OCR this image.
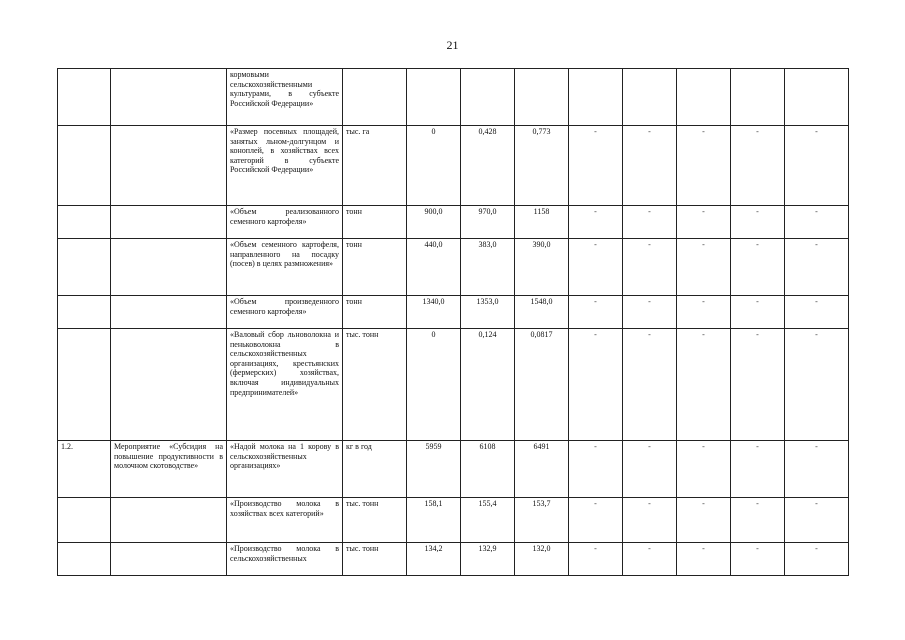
21
		кормовыми сельскохозяйственными культурами, в субъекте Российской Федерации»									
		«Размер посевных площадей, занятых льном-долгунцом и коноплей, в хозяйствах всех категорий в субъекте Российской Федерации»	тыс. га	0	0,428	0,773	-	-	-	-	-
		«Объем реализованного семенного картофеля»	тонн	900,0	970,0	1158	-	-	-	-	-
		«Объем семенного картофеля, направленного на посадку (посев) в целях размножения»	тонн	440,0	383,0	390,0	-	-	-	-	-
		«Объем произведенного семенного картофеля»	тонн	1340,0	1353,0	1548,0	-	-	-	-	-
		«Валовый сбор льноволокна и пеньковолокна в сельскохозяйственных организациях, крестьянских (фермерских) хозяйствах, включая индивидуальных предпринимателей»	тыс. тонн	0	0,124	0,0817	-	-	-	-	-
1.2.	Мероприятие «Субсидия на повышение продуктивности в молочном скотоводстве»	«Надой молока на 1 корову в сельскохозяйственных организациях»	кг в год	5959	6108	6491	-	-	-	-	-
		«Производство молока в хозяйствах всех категорий»	тыс. тонн	158,1	155,4	153,7	-	-	-	-	-
		«Производство молока в сельскохозяйственных	тыс. тонн	134,2	132,9	132,0	-	-	-	-	-
